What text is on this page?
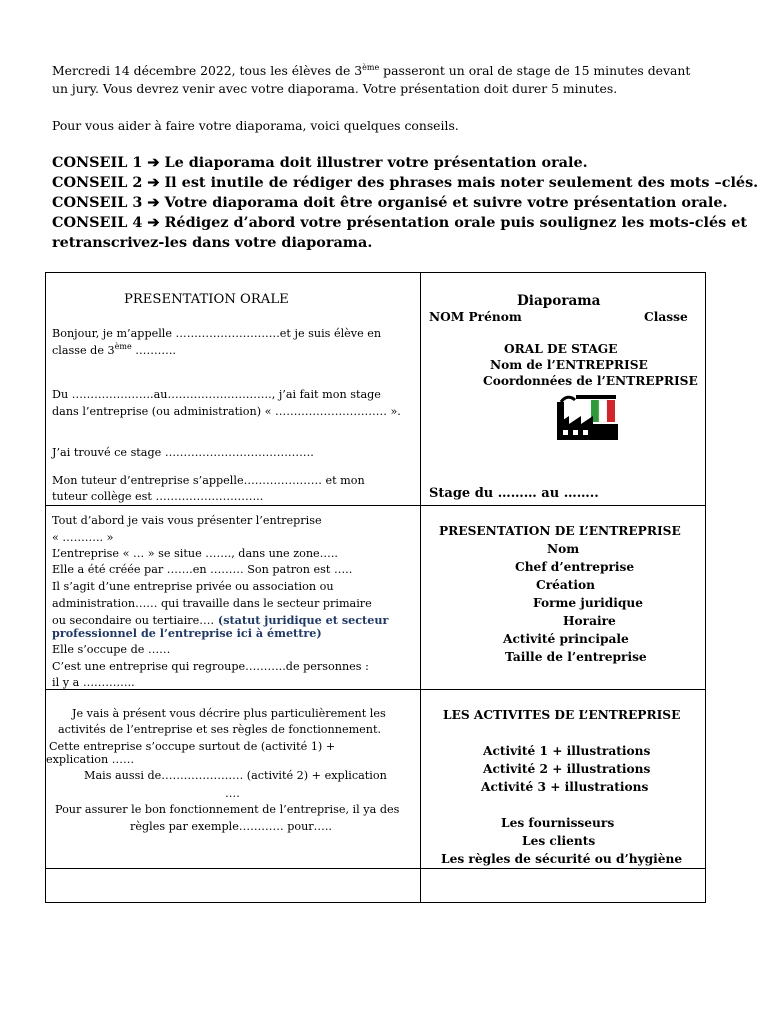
Mercredi 14 décembre 2022, tous les élèves de 3ème passeront un oral de stage de 15 minutes devant
un jury. Vous devrez venir avec votre diaporama. Votre présentation doit durer 5 minutes.
Pour vous aider à faire votre diaporama, voici quelques conseils.
CONSEIL 1 ➔ Le diaporama doit illustrer votre présentation orale.
CONSEIL 2 ➔ Il est inutile de rédiger des phrases mais noter seulement des mots –clés.
CONSEIL 3 ➔ Votre diaporama doit être organisé et suivre votre présentation orale.
CONSEIL 4 ➔ Rédigez d’abord votre présentation orale puis soulignez les mots-clés et
retranscrivez-les dans votre diaporama.
PRESENTATION ORALE	Diaporama
Bonjour, je m’appelle ……………………….et je suis élève en
classe de 3ème ………..
Du ………………….au………………………., j’ai fait mon stage
dans l’entreprise (ou administration) « ………………………… ».
J’ai trouvé ce stage ………………………………….
Mon tuteur d’entreprise s’appelle………………… et mon
tuteur collège est ………………………..
NOM Prénom	Classe
ORAL DE STAGE
Nom de l’ENTREPRISE
Coordonnées de l’ENTREPRISE
Stage du ……… au ……..
Tout d’abord je vais vous présenter l’entreprise
« ……….. »
L’entreprise « … » se situe ……., dans une zone…..
Elle a été créée par …….en ……… Son patron est …..
Il s’agit d’une entreprise privée ou association ou
administration…… qui travaille dans le secteur primaire
ou secondaire ou tertiaire…. (statut juridique et secteur
professionnel de l’entreprise ici à émettre)
Elle s’occupe de ……
C’est une entreprise qui regroupe………..de personnes :
il y a …………..
PRESENTATION DE L’ENTREPRISE
Nom
Chef d’entreprise
Création
Forme juridique
Horaire
Activité principale
Taille de l’entreprise
Je vais à présent vous décrire plus particulièrement les
activités de l’entreprise et ses règles de fonctionnement.
Cette entreprise s’occupe surtout de (activité 1) +
explication ……
Mais aussi de…………………. (activité 2) + explication
….
Pour assurer le bon fonctionnement de l’entreprise, il ya des
règles par exemple………… pour…..
LES ACTIVITES DE L’ENTREPRISE
Activité 1 + illustrations
Activité 2 + illustrations
Activité 3 + illustrations
Les fournisseurs
Les clients
Les règles de sécurité ou d’hygiène
